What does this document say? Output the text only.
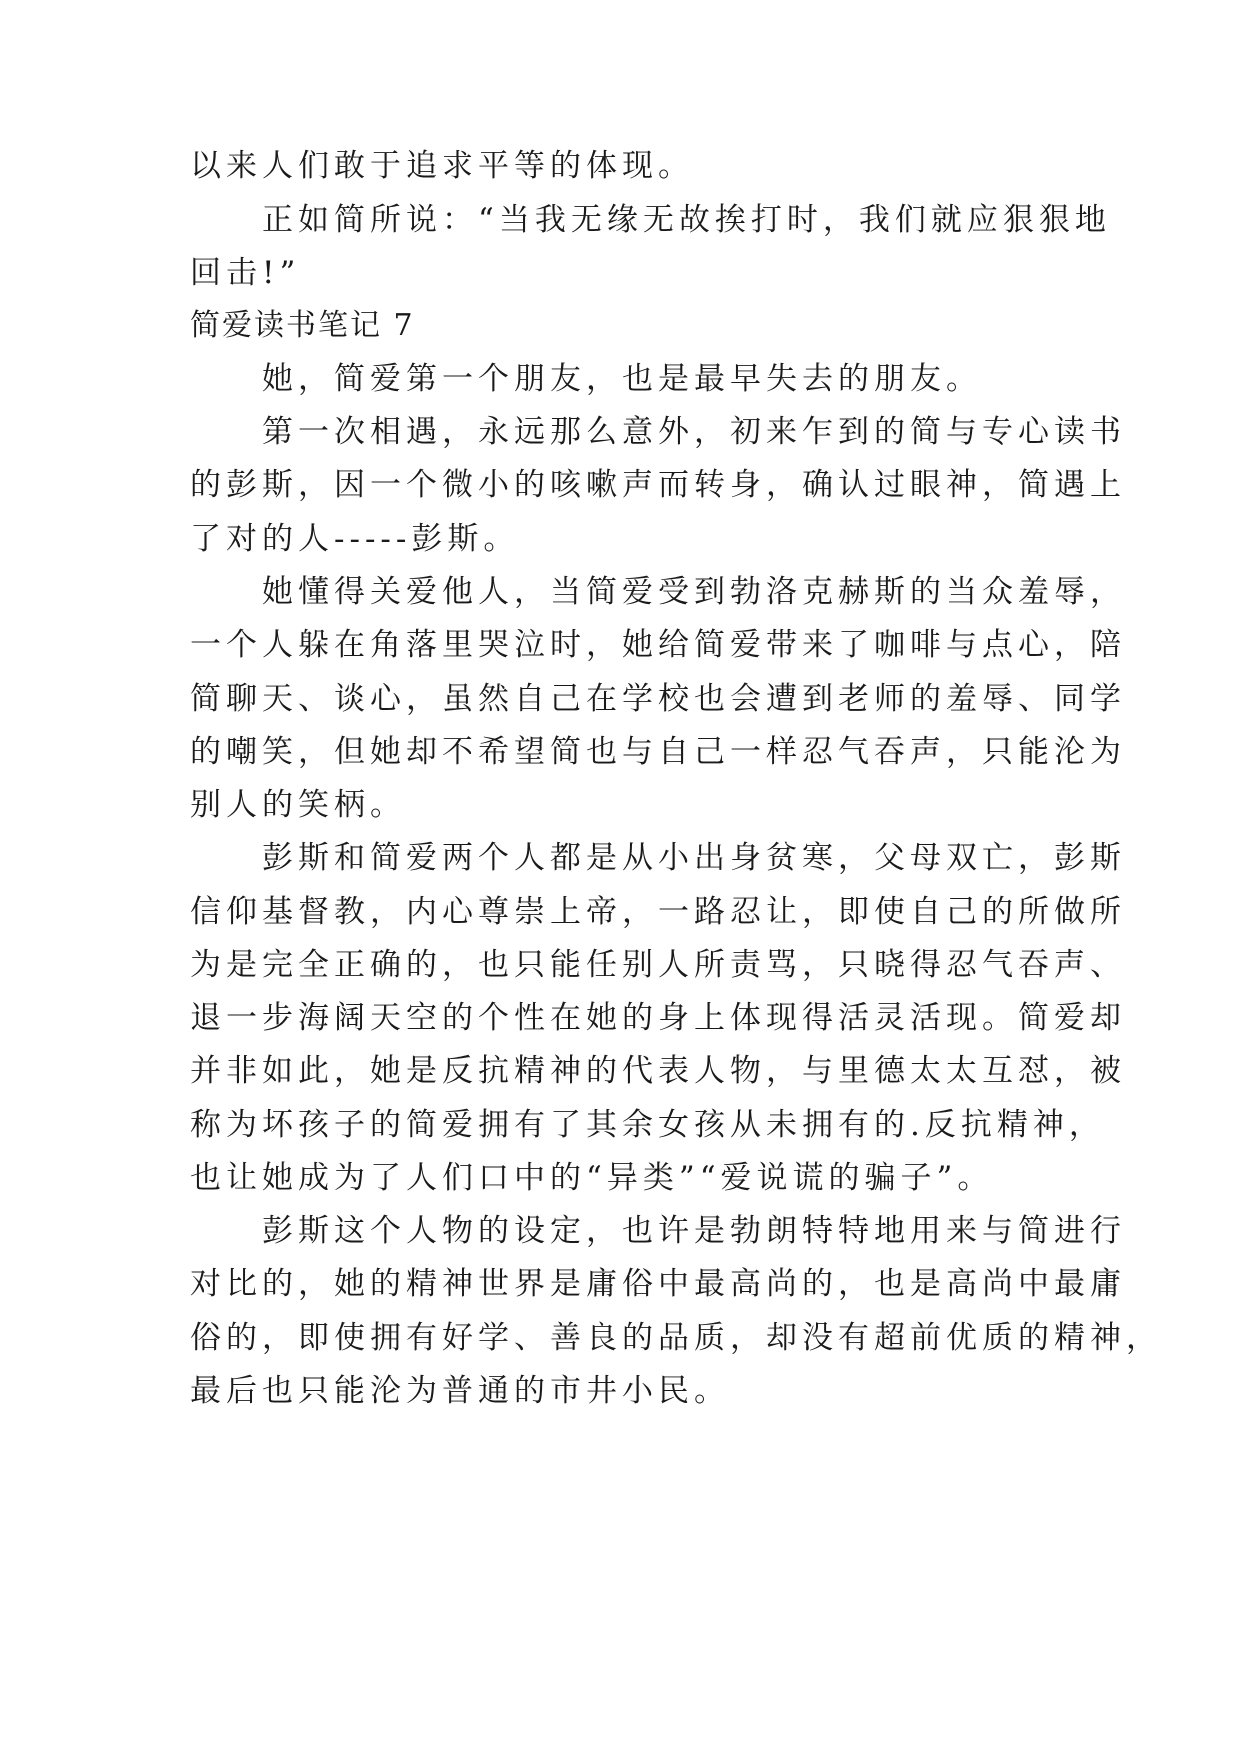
以来人们敢于追求平等的体现。
　　正如简所说：“当我无缘无故挨打时，我们就应狠狠地
回击!”
简爱读书笔记 7
　　她，简爱第一个朋友，也是最早失去的朋友。
　　第一次相遇，永远那么意外，初来乍到的简与专心读书
的彭斯，因一个微小的咳嗽声而转身，确认过眼神，简遇上
了对的人-----彭斯。
　　她懂得关爱他人，当简爱受到勃洛克赫斯的当众羞辱，
一个人躲在角落里哭泣时，她给简爱带来了咖啡与点心，陪
简聊天、谈心，虽然自己在学校也会遭到老师的羞辱、同学
的嘲笑，但她却不希望简也与自己一样忍气吞声，只能沦为
别人的笑柄。
　　彭斯和简爱两个人都是从小出身贫寒，父母双亡，彭斯
信仰基督教，内心尊崇上帝，一路忍让，即使自己的所做所
为是完全正确的，也只能任别人所责骂，只晓得忍气吞声、
退一步海阔天空的个性在她的身上体现得活灵活现。简爱却
并非如此，她是反抗精神的代表人物，与里德太太互怼，被
称为坏孩子的简爱拥有了其余女孩从未拥有的.反抗精神，
也让她成为了人们口中的“异类”“爱说谎的骗子”。
　　彭斯这个人物的设定，也许是勃朗特特地用来与简进行
对比的，她的精神世界是庸俗中最高尚的，也是高尚中最庸
俗的，即使拥有好学、善良的品质，却没有超前优质的精神，
最后也只能沦为普通的市井小民。
